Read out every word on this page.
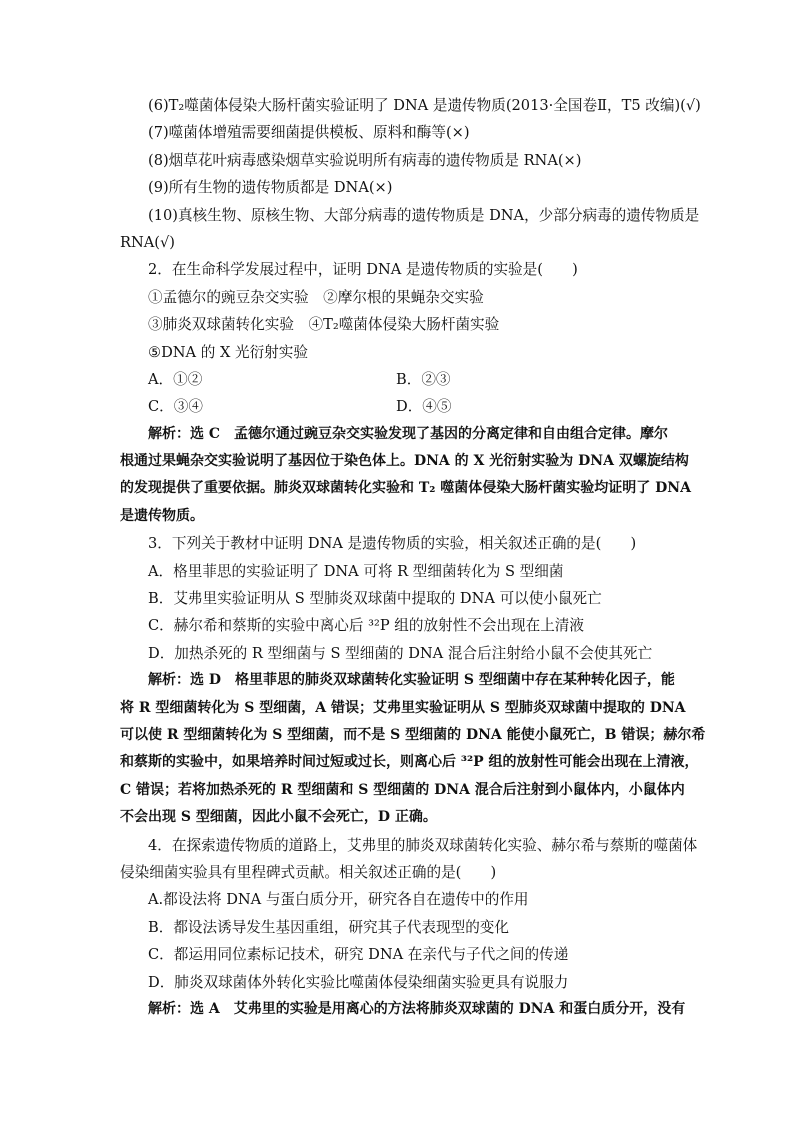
(6)T₂噬菌体侵染大肠杆菌实验证明了 DNA 是遗传物质(2013·全国卷Ⅱ，T5 改编)(√)
(7)噬菌体增殖需要细菌提供模板、原料和酶等(×)
(8)烟草花叶病毒感染烟草实验说明所有病毒的遗传物质是 RNA(×)
(9)所有生物的遗传物质都是 DNA(×)
(10)真核生物、原核生物、大部分病毒的遗传物质是 DNA，少部分病毒的遗传物质是
RNA(√)
2．在生命科学发展过程中，证明 DNA 是遗传物质的实验是(　　)
①孟德尔的豌豆杂交实验　②摩尔根的果蝇杂交实验
③肺炎双球菌转化实验　④T₂噬菌体侵染大肠杆菌实验
⑤DNA 的 X 光衍射实验
A．①②	B．②③
C．③④	D．④⑤
解析：选 C　孟德尔通过豌豆杂交实验发现了基因的分离定律和自由组合定律。摩尔
根通过果蝇杂交实验说明了基因位于染色体上。DNA 的 X 光衍射实验为 DNA 双螺旋结构
的发现提供了重要依据。肺炎双球菌转化实验和 T₂ 噬菌体侵染大肠杆菌实验均证明了 DNA
是遗传物质。
3．下列关于教材中证明 DNA 是遗传物质的实验，相关叙述正确的是(　　)
A．格里菲思的实验证明了 DNA 可将 R 型细菌转化为 S 型细菌
B．艾弗里实验证明从 S 型肺炎双球菌中提取的 DNA 可以使小鼠死亡
C．赫尔希和蔡斯的实验中离心后 ³²P 组的放射性不会出现在上清液
D．加热杀死的 R 型细菌与 S 型细菌的 DNA 混合后注射给小鼠不会使其死亡
解析：选 D　格里菲思的肺炎双球菌转化实验证明 S 型细菌中存在某种转化因子，能
将 R 型细菌转化为 S 型细菌，A 错误；艾弗里实验证明从 S 型肺炎双球菌中提取的 DNA
可以使 R 型细菌转化为 S 型细菌，而不是 S 型细菌的 DNA 能使小鼠死亡，B 错误；赫尔希
和蔡斯的实验中，如果培养时间过短或过长，则离心后 ³²P 组的放射性可能会出现在上清液，
C 错误；若将加热杀死的 R 型细菌和 S 型细菌的 DNA 混合后注射到小鼠体内，小鼠体内
不会出现 S 型细菌，因此小鼠不会死亡，D 正确。
4．在探索遗传物质的道路上，艾弗里的肺炎双球菌转化实验、赫尔希与蔡斯的噬菌体
侵染细菌实验具有里程碑式贡献。相关叙述正确的是(　　)
A.都设法将 DNA 与蛋白质分开，研究各自在遗传中的作用
B．都设法诱导发生基因重组，研究其子代表现型的变化
C．都运用同位素标记技术，研究 DNA 在亲代与子代之间的传递
D．肺炎双球菌体外转化实验比噬菌体侵染细菌实验更具有说服力
解析：选 A　艾弗里的实验是用离心的方法将肺炎双球菌的 DNA 和蛋白质分开，没有
